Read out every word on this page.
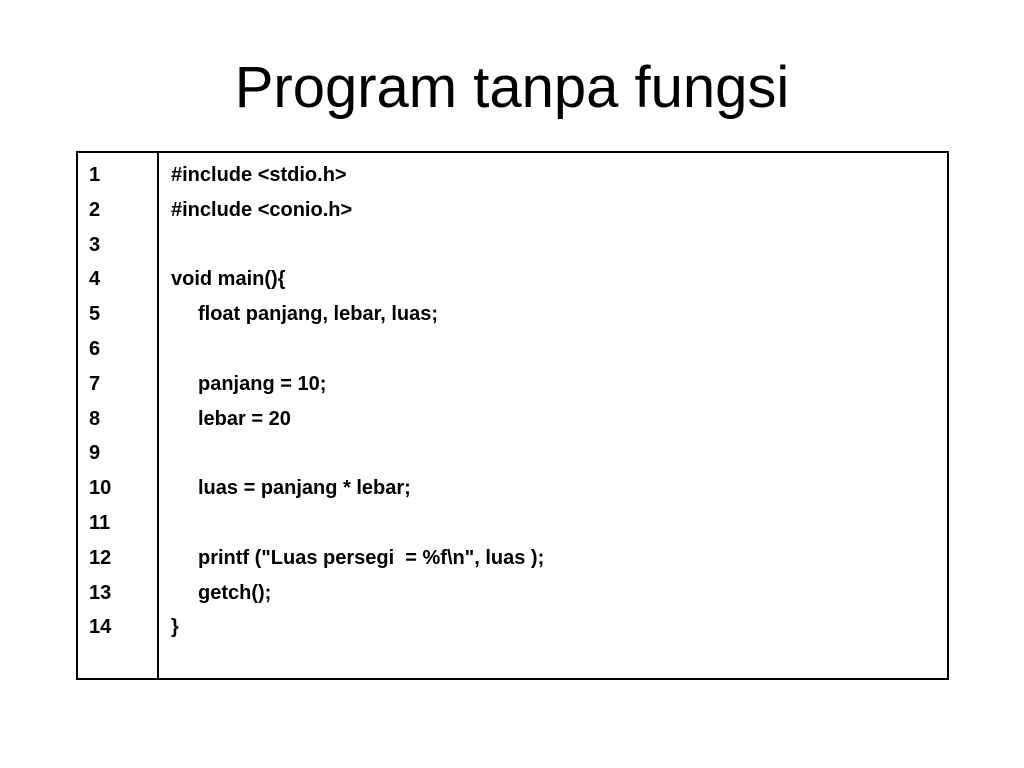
Program tanpa fungsi
1
2
3
4
5
6
7
8
9
10
11
12
13
14
#include <stdio.h>
#include <conio.h>
void main(){
float panjang, lebar, luas;
panjang = 10;
lebar = 20
luas = panjang * lebar;
printf ("Luas persegi  = %f\n", luas );
getch();
}
